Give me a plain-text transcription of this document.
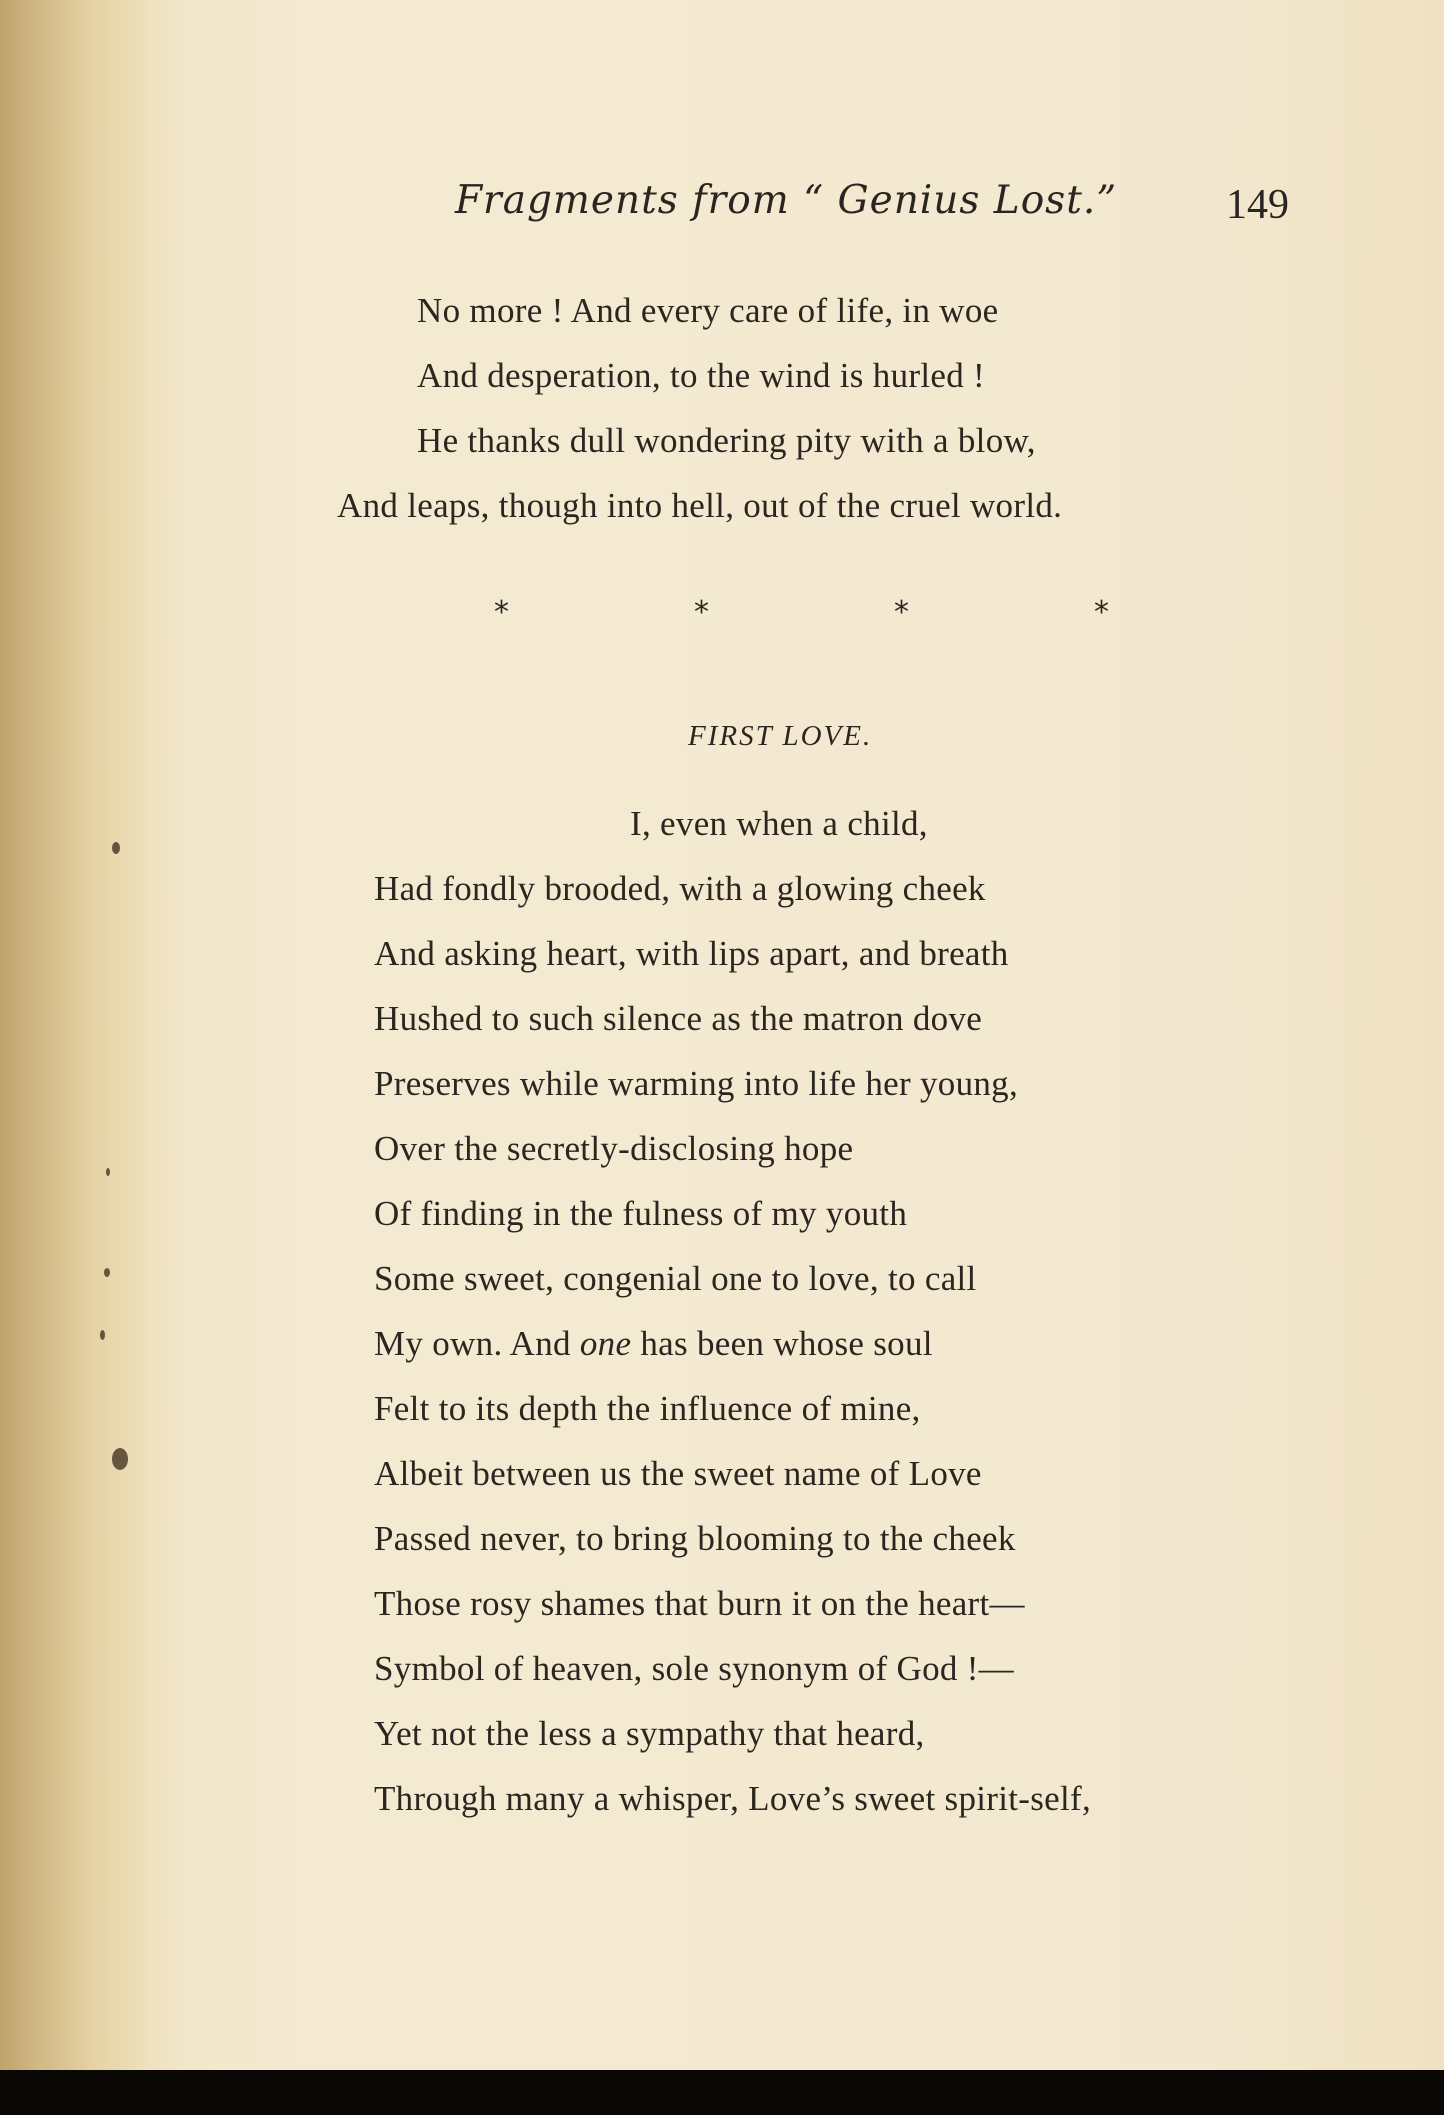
Fragments from “ Genius Lost.”	149
No more ! And every care of life, in woe
And desperation, to the wind is hurled !
He thanks dull wondering pity with a blow,
And leaps, though into hell, out of the cruel world.
*	*	*	*
FIRST LOVE.
I, even when a child,
Had fondly brooded, with a glowing cheek
And asking heart, with lips apart, and breath
Hushed to such silence as the matron dove
Preserves while warming into life her young,
Over the secretly-disclosing hope
Of finding in the fulness of my youth
Some sweet, congenial one to love, to call
My own. And one has been whose soul
Felt to its depth the influence of mine,
Albeit between us the sweet name of Love
Passed never, to bring blooming to the cheek
Those rosy shames that burn it on the heart—
Symbol of heaven, sole synonym of God !—
Yet not the less a sympathy that heard,
Through many a whisper, Love’s sweet spirit-self,
